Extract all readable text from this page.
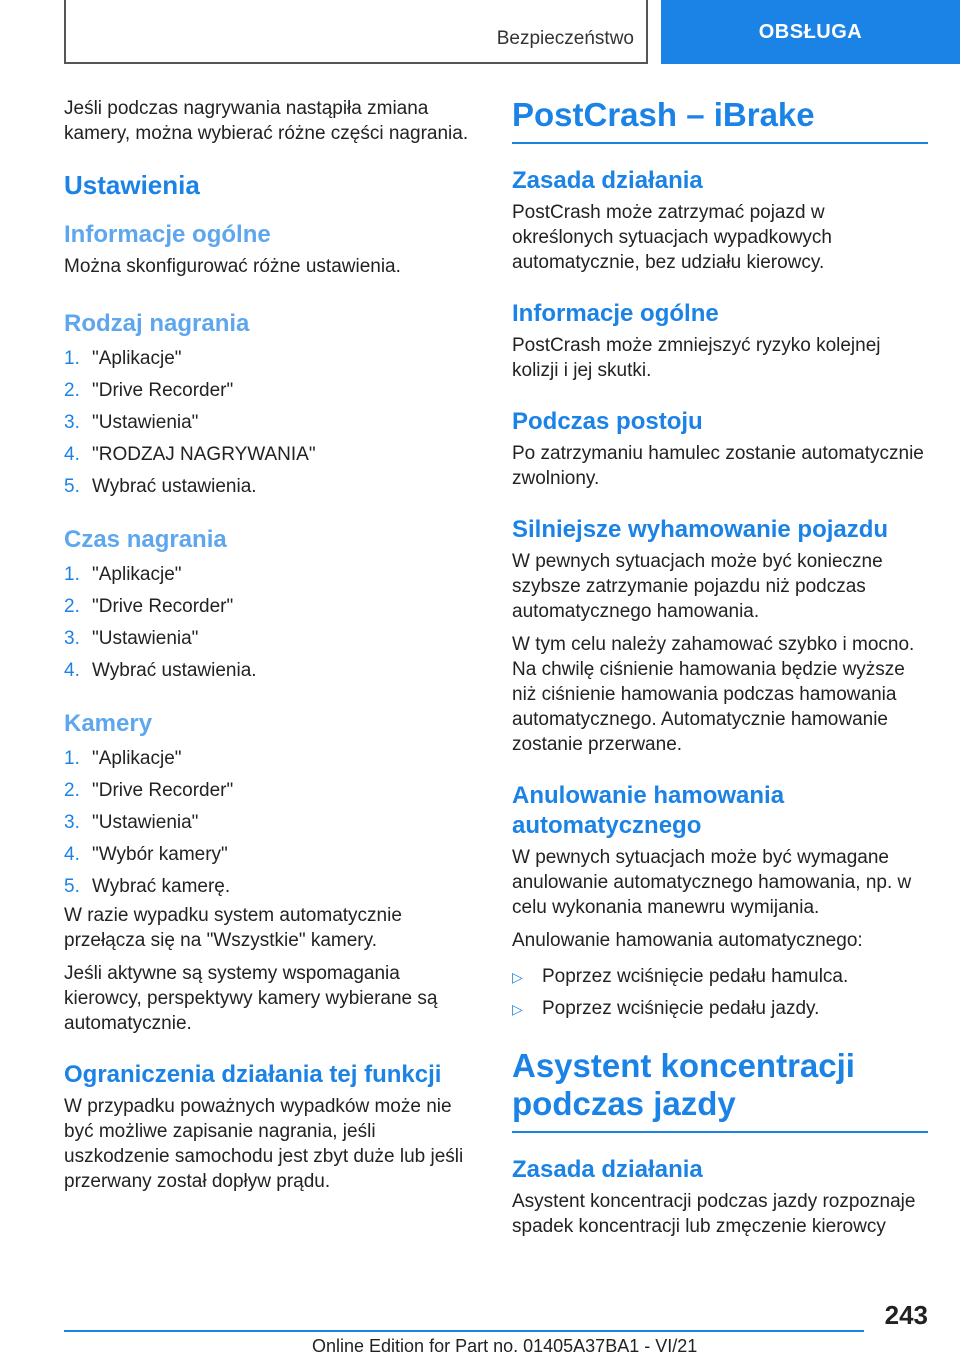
Bezpieczeństwo	OBSŁUGA

Jeśli podczas nagrywania nastąpiła zmiana kamery, można wybierać różne części nagrania.

Ustawienia
Informacje ogólne

Można skonfigurować różne ustawienia.

Rodzaj nagrania
1. "Aplikacje"
2. "Drive Recorder"
3. "Ustawienia"
4. "RODZAJ NAGRYWANIA"
5. Wybrać ustawienia.
Czas nagrania
1. "Aplikacje"
2. "Drive Recorder"
3. "Ustawienia"
4. Wybrać ustawienia.
Kamery
1. "Aplikacje"
2. "Drive Recorder"
3. "Ustawienia"
4. "Wybór kamery"
5. Wybrać kamerę.

W razie wypadku system automatycznie przełącza się na "Wszystkie" kamery.

Jeśli aktywne są systemy wspomagania kierowcy, perspektywy kamery wybierane są automatycznie.

Ograniczenia działania tej funkcji

W przypadku poważnych wypadków może nie być możliwe zapisanie nagrania, jeśli uszkodzenie samochodu jest zbyt duże lub jeśli przerwany został dopływ prądu.

PostCrash – iBrake
Zasada działania

PostCrash może zatrzymać pojazd w określonych sytuacjach wypadkowych automatycznie, bez udziału kierowcy.

Informacje ogólne

PostCrash może zmniejszyć ryzyko kolejnej kolizji i jej skutki.

Podczas postoju

Po zatrzymaniu hamulec zostanie automatycznie zwolniony.

Silniejsze wyhamowanie pojazdu

W pewnych sytuacjach może być konieczne szybsze zatrzymanie pojazdu niż podczas automatycznego hamowania.

W tym celu należy zahamować szybko i mocno. Na chwilę ciśnienie hamowania będzie wyższe niż ciśnienie hamowania podczas hamowania automatycznego. Automatycznie hamowanie zostanie przerwane.

Anulowanie hamowania automatycznego

W pewnych sytuacjach może być wymagane anulowanie automatycznego hamowania, np. w celu wykonania manewru wymijania.

Anulowanie hamowania automatycznego:

▷	Poprzez wciśnięcie pedału hamulca.
▷	Poprzez wciśnięcie pedału jazdy.
Asystent koncentracji podczas jazdy
Zasada działania

Asystent koncentracji podczas jazdy rozpoznaje spadek koncentracji lub zmęczenie kierowcy

243
Online Edition for Part no. 01405A37BA1 - VI/21
